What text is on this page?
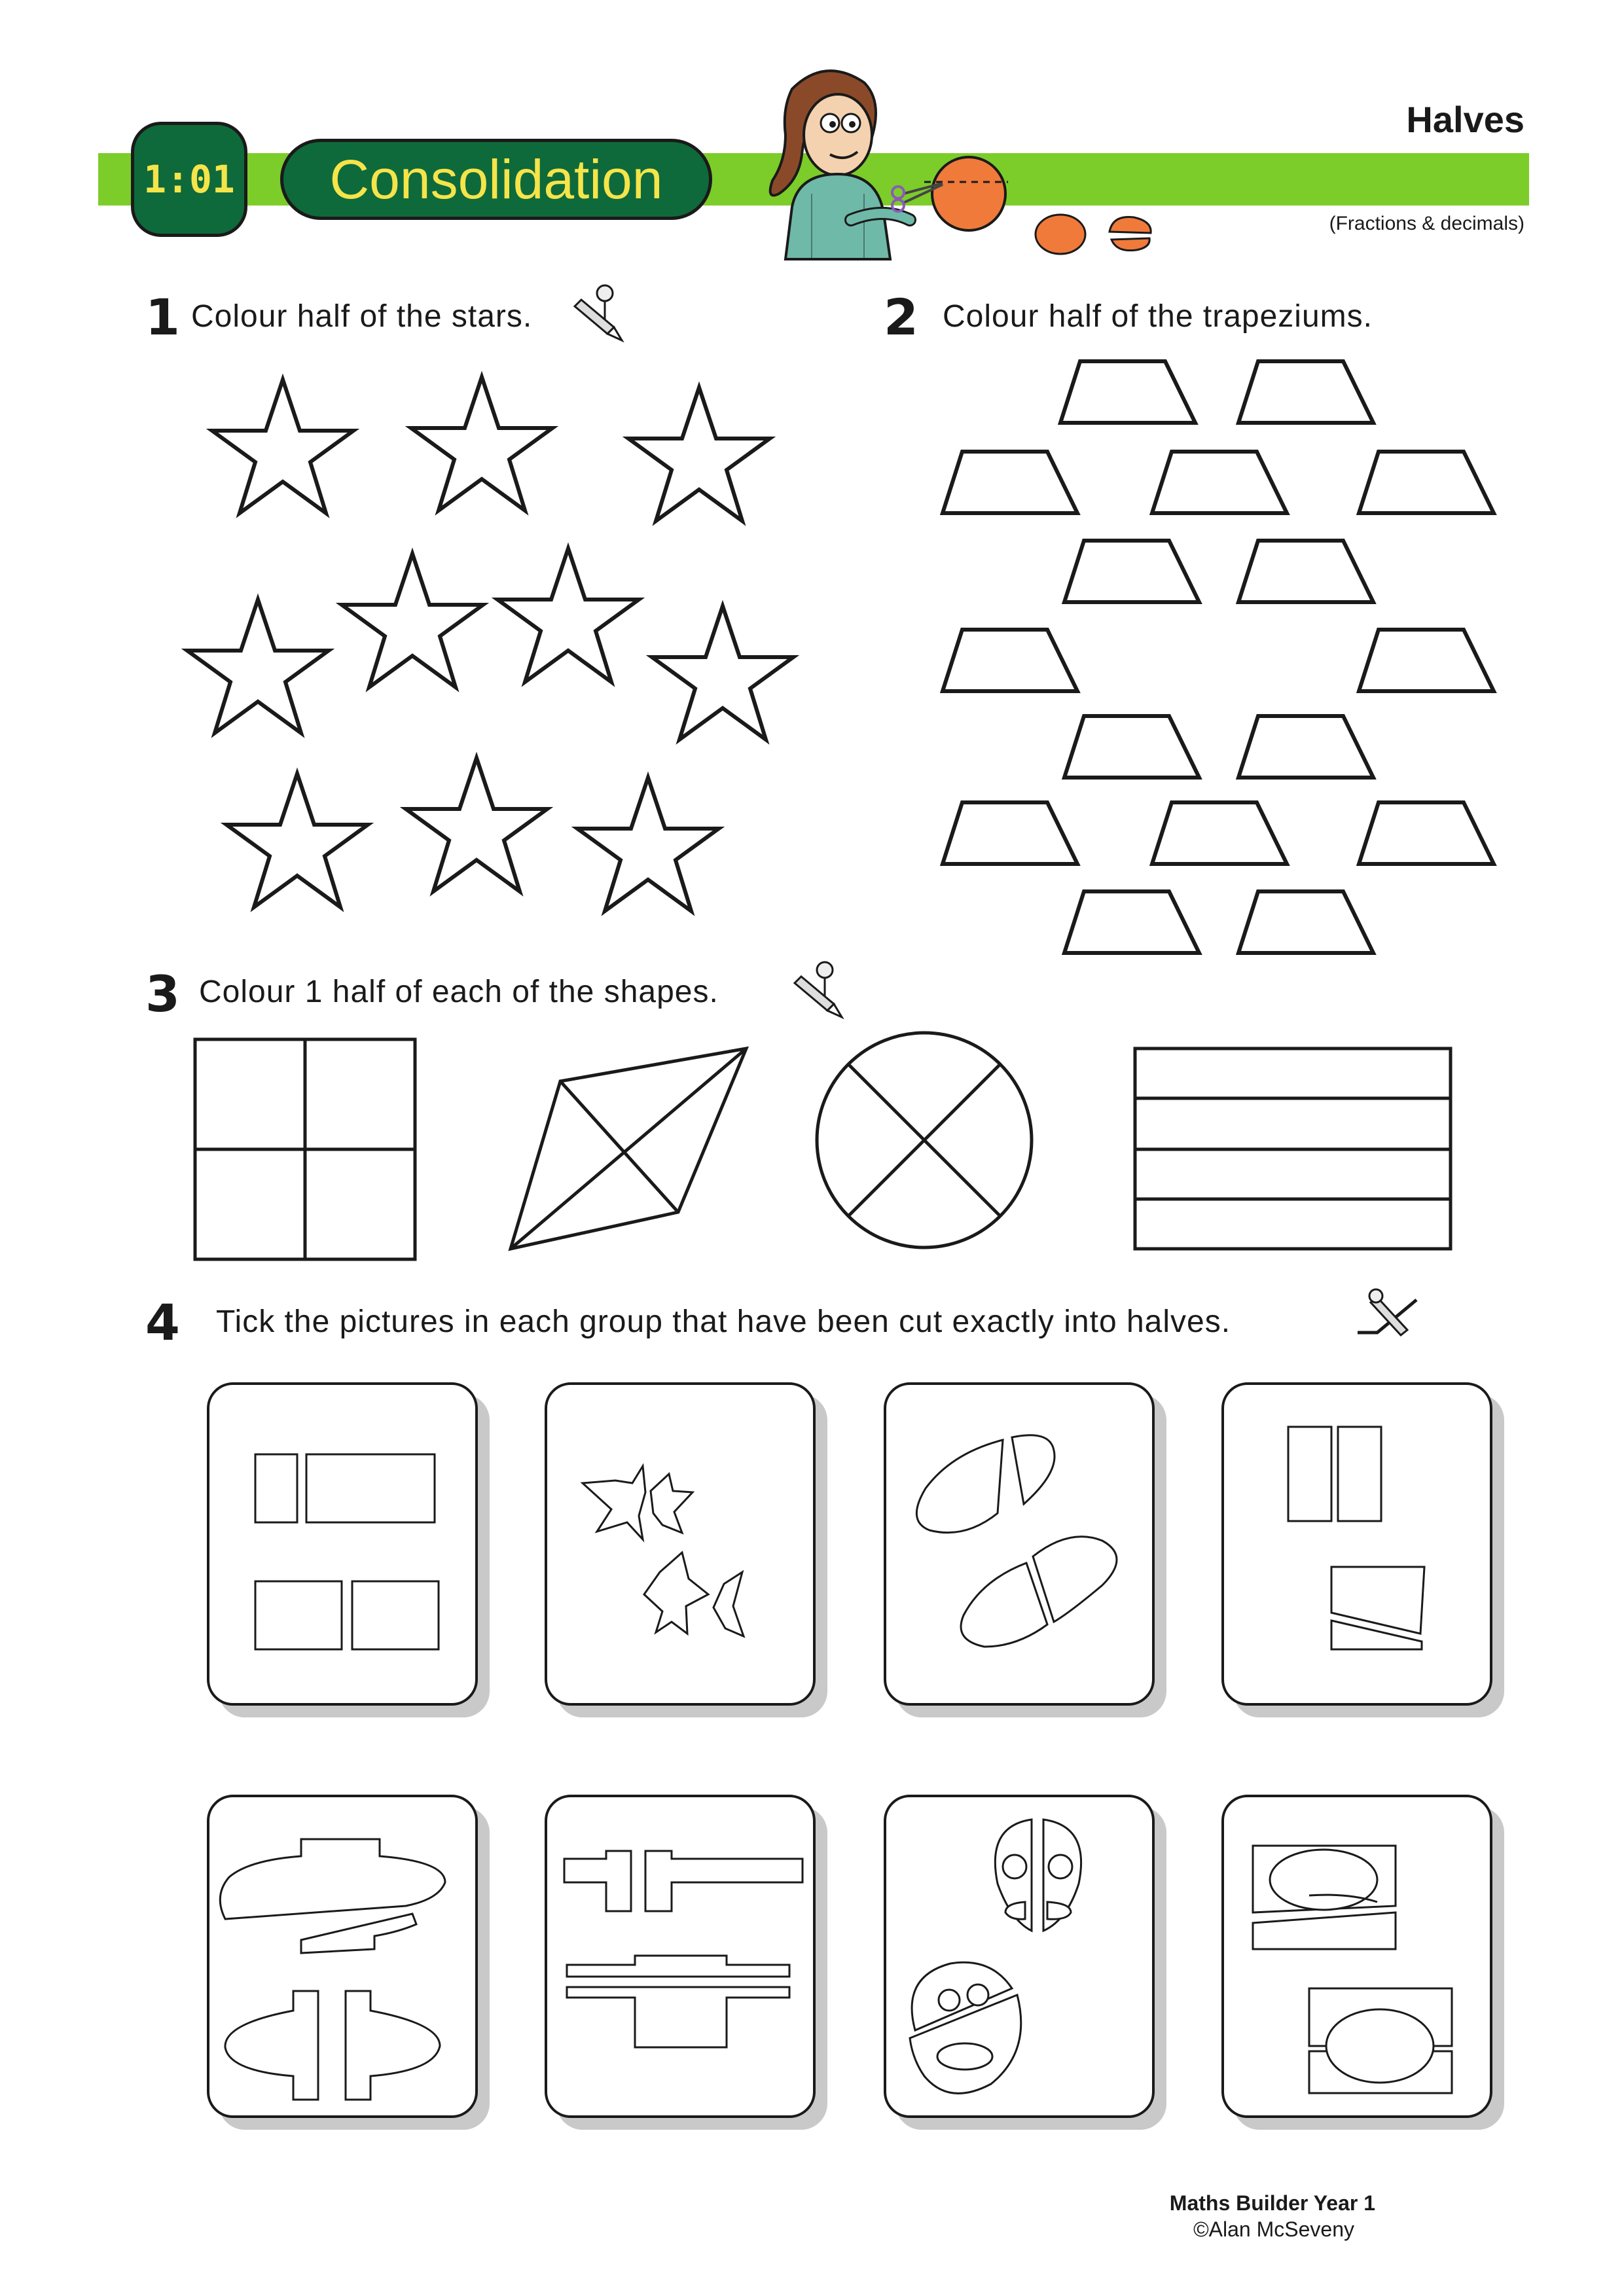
1:01	Consolidation
Halves
(Fractions & decimals)
1 Colour half of the stars.	2 Colour half of the trapeziums.
3 Colour 1 half of each of the shapes.
4 Tick the pictures in each group that have been cut exactly into halves.
Maths Builder Year 1
©Alan McSeveny
